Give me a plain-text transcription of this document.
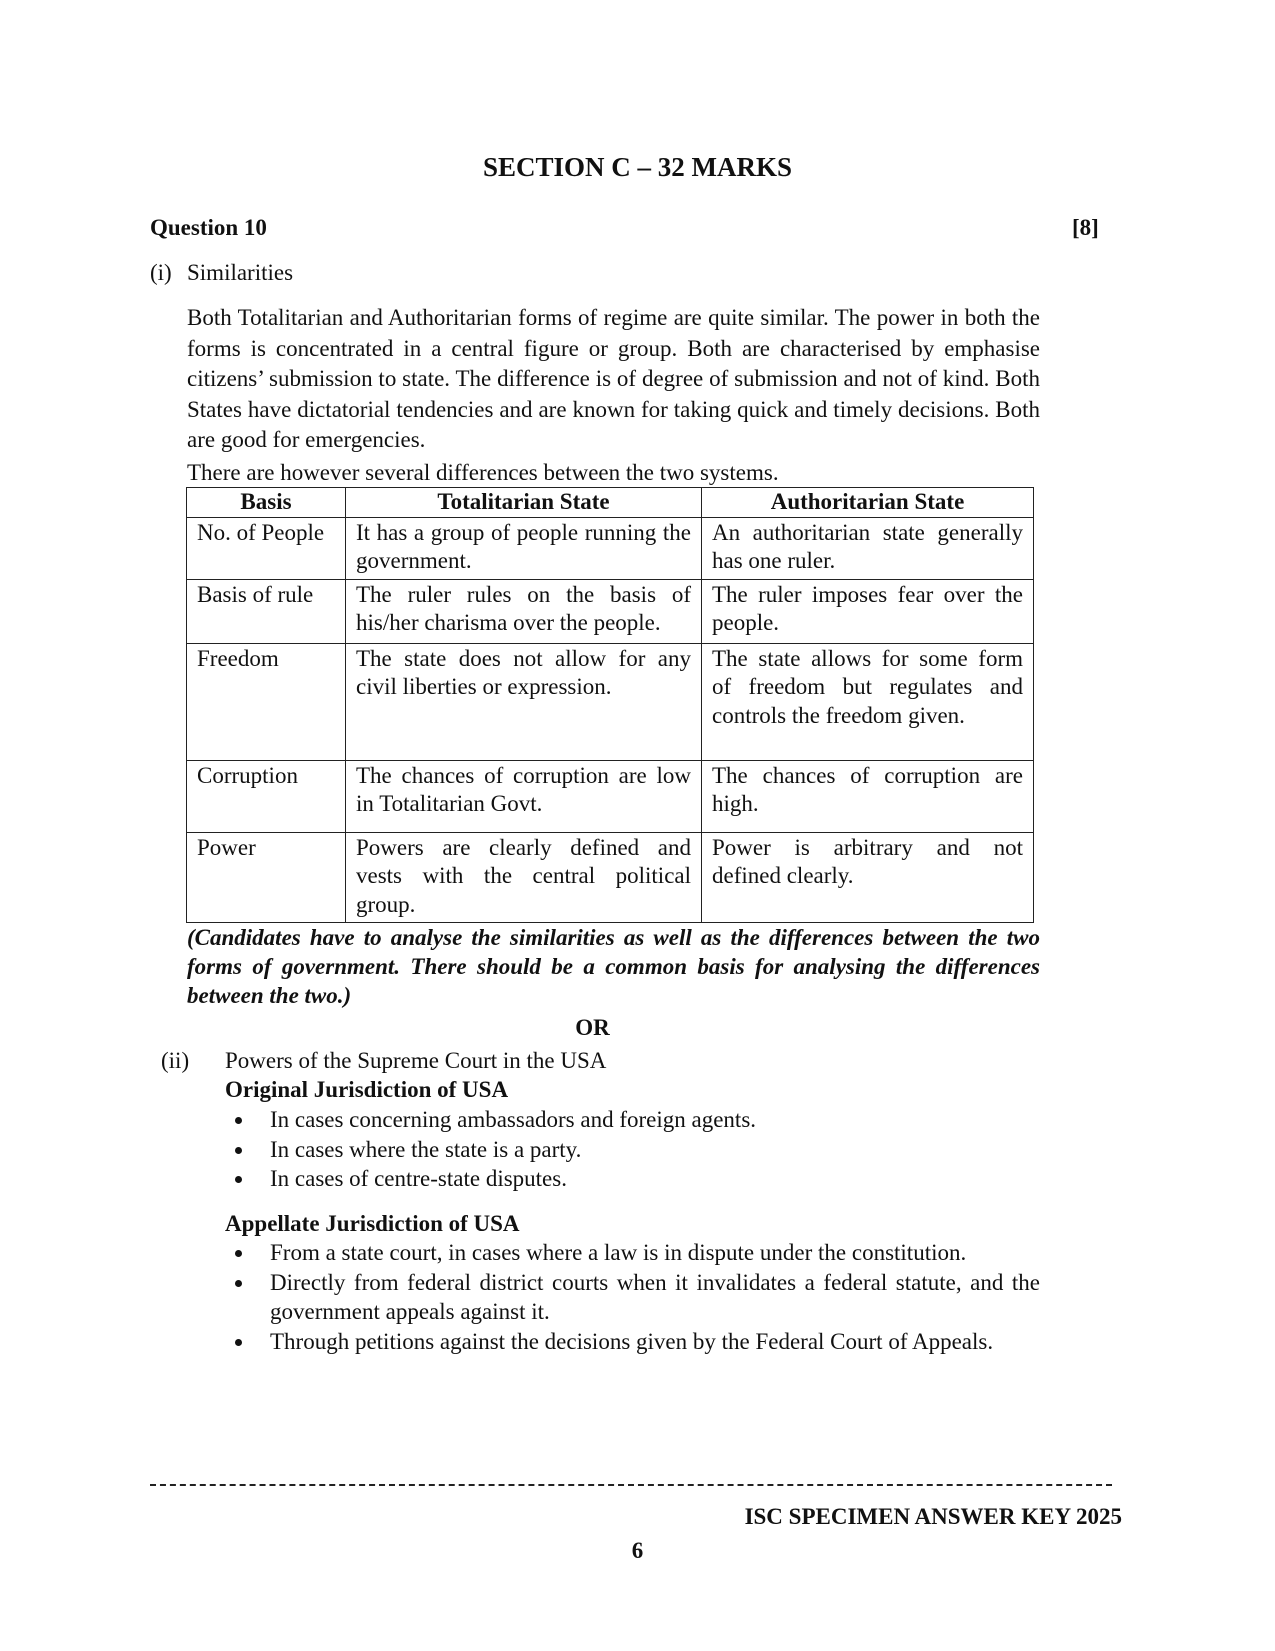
SECTION C – 32 MARKS
Question 10	[8]
(i) Similarities
Both Totalitarian and Authoritarian forms of regime are quite similar. The power in both the forms is concentrated in a central figure or group. Both are characterised by emphasise citizens’ submission to state. The difference is of degree of submission and not of kind. Both States have dictatorial tendencies and are known for taking quick and timely decisions. Both are good for emergencies.
There are however several differences between the two systems.
Basis	Totalitarian State	Authoritarian State
No. of People	It has a group of people running the government.	An authoritarian state generally has one ruler.
Basis of rule	The ruler rules on the basis of his/her charisma over the people.	The ruler imposes fear over the people.
Freedom	The state does not allow for any civil liberties or expression.	The state allows for some form of freedom but regulates and controls the freedom given.
Corruption	The chances of corruption are low in Totalitarian Govt.	The chances of corruption are high.
Power	Powers are clearly defined and vests with the central political group.	Power is arbitrary and not defined clearly.
(Candidates have to analyse the similarities as well as the differences between the two forms of government. There should be a common basis for analysing the differences between the two.)
OR
(ii) Powers of the Supreme Court in the USA
Original Jurisdiction of USA
In cases concerning ambassadors and foreign agents.
In cases where the state is a party.
In cases of centre-state disputes.
Appellate Jurisdiction of USA
From a state court, in cases where a law is in dispute under the constitution.
Directly from federal district courts when it invalidates a federal statute, and the government appeals against it.
Through petitions against the decisions given by the Federal Court of Appeals.
ISC SPECIMEN ANSWER KEY 2025
6
